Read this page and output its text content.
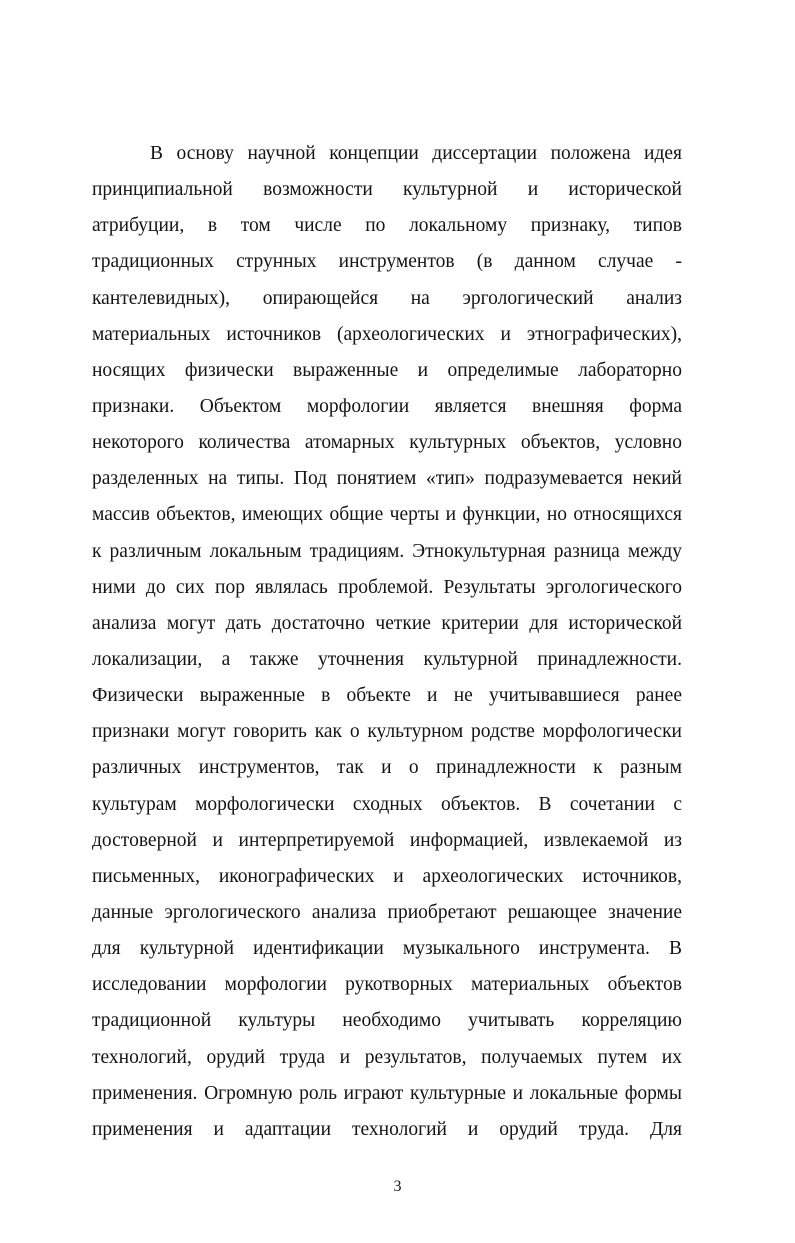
В основу научной концепции диссертации положена идея
принципиальной возможности культурной и исторической
атрибуции, в том числе по локальному признаку, типов
традиционных струнных инструментов (в данном случае -
кантелевидных), опирающейся на эргологический анализ
материальных источников (археологических и этнографических),
носящих физически выраженные и определимые лабораторно
признаки. Объектом морфологии является внешняя форма
некоторого количества атомарных культурных объектов, условно
разделенных на типы. Под понятием «тип» подразумевается некий
массив объектов, имеющих общие черты и функции, но относящихся
к различным локальным традициям. Этнокультурная разница между
ними до сих пор являлась проблемой. Результаты эргологического
анализа могут дать достаточно четкие критерии для исторической
локализации, а также уточнения культурной принадлежности.
Физически выраженные в объекте и не учитывавшиеся ранее
признаки могут говорить как о культурном родстве морфологически
различных инструментов, так и о принадлежности к разным
культурам морфологически сходных объектов. В сочетании с
достоверной и интерпретируемой информацией, извлекаемой из
письменных, иконографических и археологических источников,
данные эргологического анализа приобретают решающее значение
для культурной идентификации музыкального инструмента. В
исследовании морфологии рукотворных материальных объектов
традиционной культуры необходимо учитывать корреляцию
технологий, орудий труда и результатов, получаемых путем их
применения. Огромную роль играют культурные и локальные формы
применения и адаптации технологий и орудий труда. Для
3
